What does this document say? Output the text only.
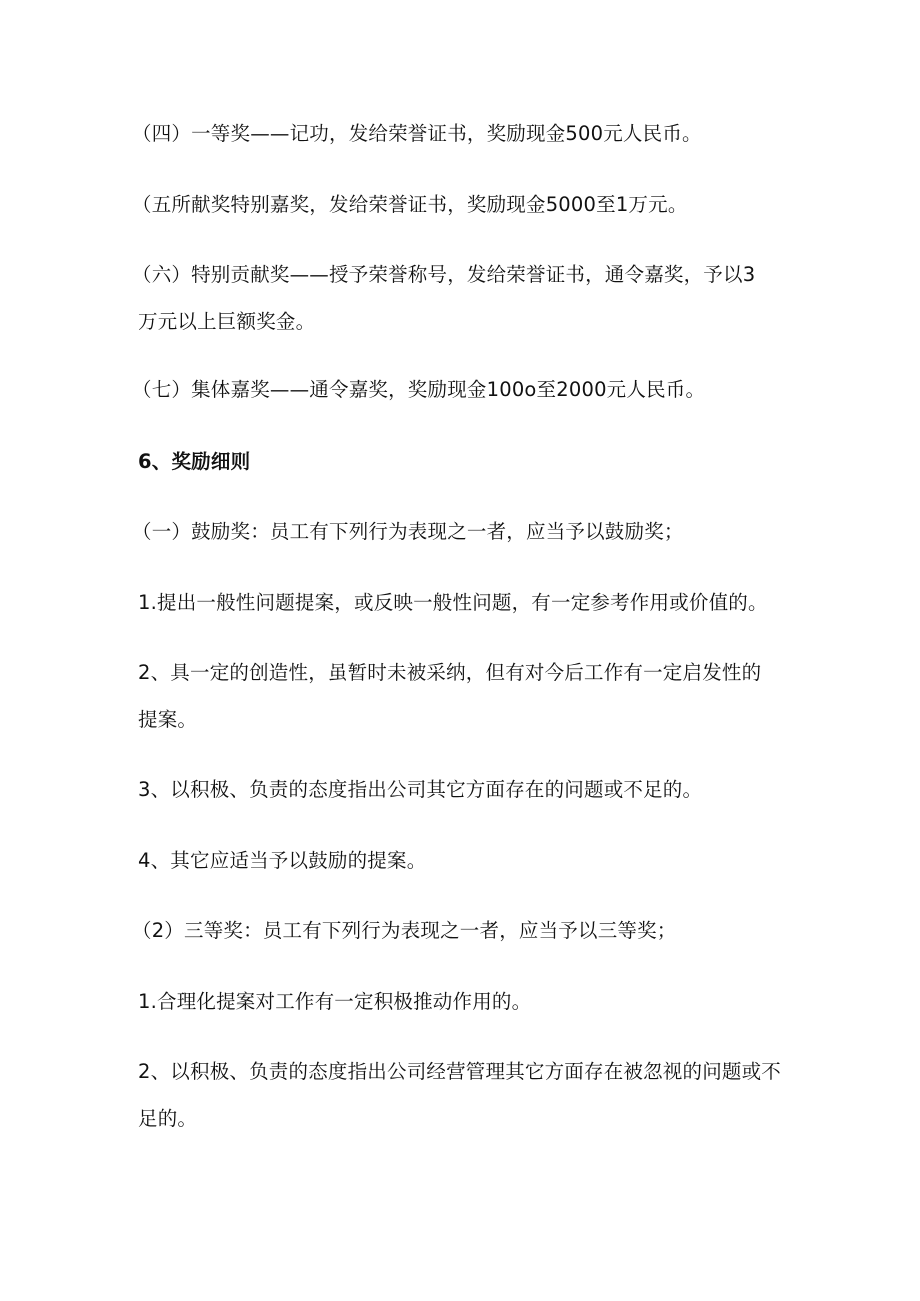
（四）一等奖——记功，发给荣誉证书，奖励现金500元人民币。
（五所献奖特别嘉奖，发给荣誉证书，奖励现金5000至1万元。
（六）特别贡献奖——授予荣誉称号，发给荣誉证书，通令嘉奖，予以3
万元以上巨额奖金。
（七）集体嘉奖——通令嘉奖，奖励现金100o至2000元人民币。
6、奖励细则
（一）鼓励奖：员工有下列行为表现之一者，应当予以鼓励奖；
1.提出一般性问题提案，或反映一般性问题，有一定参考作用或价值的。
2、具一定的创造性，虽暂时未被采纳，但有对今后工作有一定启发性的
提案。
3、以积极、负责的态度指出公司其它方面存在的问题或不足的。
4、其它应适当予以鼓励的提案。
（2）三等奖：员工有下列行为表现之一者，应当予以三等奖；
1.合理化提案对工作有一定积极推动作用的。
2、以积极、负责的态度指出公司经营管理其它方面存在被忽视的问题或不
足的。
